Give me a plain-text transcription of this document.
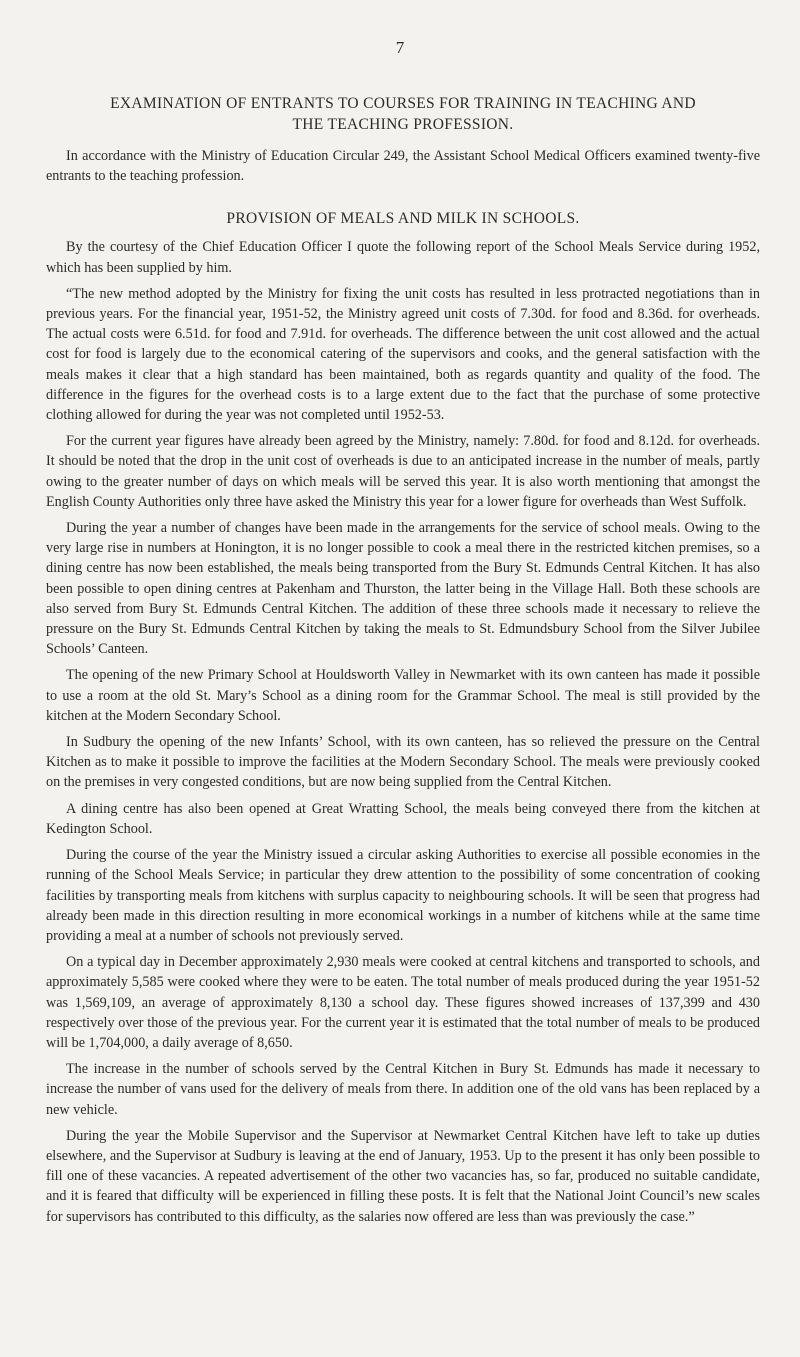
7
EXAMINATION OF ENTRANTS TO COURSES FOR TRAINING IN TEACHING AND
THE TEACHING PROFESSION.

In accordance with the Ministry of Education Circular 249, the Assistant School Medical Officers examined twenty-five entrants to the teaching profession.

PROVISION OF MEALS AND MILK IN SCHOOLS.

By the courtesy of the Chief Education Officer I quote the following report of the School Meals Service during 1952, which has been supplied by him.

“The new method adopted by the Ministry for fixing the unit costs has resulted in less protracted negotiations than in previous years. For the financial year, 1951-52, the Ministry agreed unit costs of 7.30d. for food and 8.36d. for overheads. The actual costs were 6.51d. for food and 7.91d. for overheads. The difference between the unit cost allowed and the actual cost for food is largely due to the economical catering of the supervisors and cooks, and the general satisfaction with the meals makes it clear that a high standard has been maintained, both as regards quantity and quality of the food. The difference in the figures for the overhead costs is to a large extent due to the fact that the purchase of some protective clothing allowed for during the year was not completed until 1952-53.

For the current year figures have already been agreed by the Ministry, namely: 7.80d. for food and 8.12d. for overheads. It should be noted that the drop in the unit cost of overheads is due to an anticipated increase in the number of meals, partly owing to the greater number of days on which meals will be served this year. It is also worth mentioning that amongst the English County Authorities only three have asked the Ministry this year for a lower figure for overheads than West Suffolk.

During the year a number of changes have been made in the arrangements for the service of school meals. Owing to the very large rise in numbers at Honington, it is no longer possible to cook a meal there in the restricted kitchen premises, so a dining centre has now been established, the meals being transported from the Bury St. Edmunds Central Kitchen. It has also been possible to open dining centres at Pakenham and Thurston, the latter being in the Village Hall. Both these schools are also served from Bury St. Edmunds Central Kitchen. The addition of these three schools made it necessary to relieve the pressure on the Bury St. Edmunds Central Kitchen by taking the meals to St. Edmundsbury School from the Silver Jubilee Schools’ Canteen.

The opening of the new Primary School at Houldsworth Valley in Newmarket with its own canteen has made it possible to use a room at the old St. Mary’s School as a dining room for the Grammar School. The meal is still provided by the kitchen at the Modern Secondary School.

In Sudbury the opening of the new Infants’ School, with its own canteen, has so relieved the pressure on the Central Kitchen as to make it possible to improve the facilities at the Modern Secondary School. The meals were previously cooked on the premises in very congested conditions, but are now being supplied from the Central Kitchen.

A dining centre has also been opened at Great Wratting School, the meals being conveyed there from the kitchen at Kedington School.

During the course of the year the Ministry issued a circular asking Authorities to exercise all possible economies in the running of the School Meals Service; in particular they drew attention to the possibility of some concentration of cooking facilities by transporting meals from kitchens with surplus capacity to neighbouring schools. It will be seen that progress had already been made in this direction resulting in more economical workings in a number of kitchens while at the same time providing a meal at a number of schools not previously served.

On a typical day in December approximately 2,930 meals were cooked at central kitchens and transported to schools, and approximately 5,585 were cooked where they were to be eaten. The total number of meals produced during the year 1951-52 was 1,569,109, an average of approximately 8,130 a school day. These figures showed increases of 137,399 and 430 respectively over those of the previous year. For the current year it is estimated that the total number of meals to be produced will be 1,704,000, a daily average of 8,650.

The increase in the number of schools served by the Central Kitchen in Bury St. Edmunds has made it necessary to increase the number of vans used for the delivery of meals from there. In addition one of the old vans has been replaced by a new vehicle.

During the year the Mobile Supervisor and the Supervisor at Newmarket Central Kitchen have left to take up duties elsewhere, and the Supervisor at Sudbury is leaving at the end of January, 1953. Up to the present it has only been possible to fill one of these vacancies. A repeated advertisement of the other two vacancies has, so far, produced no suitable candidate, and it is feared that difficulty will be experienced in filling these posts. It is felt that the National Joint Council’s new scales for supervisors has contributed to this difficulty, as the salaries now offered are less than was previously the case.”
